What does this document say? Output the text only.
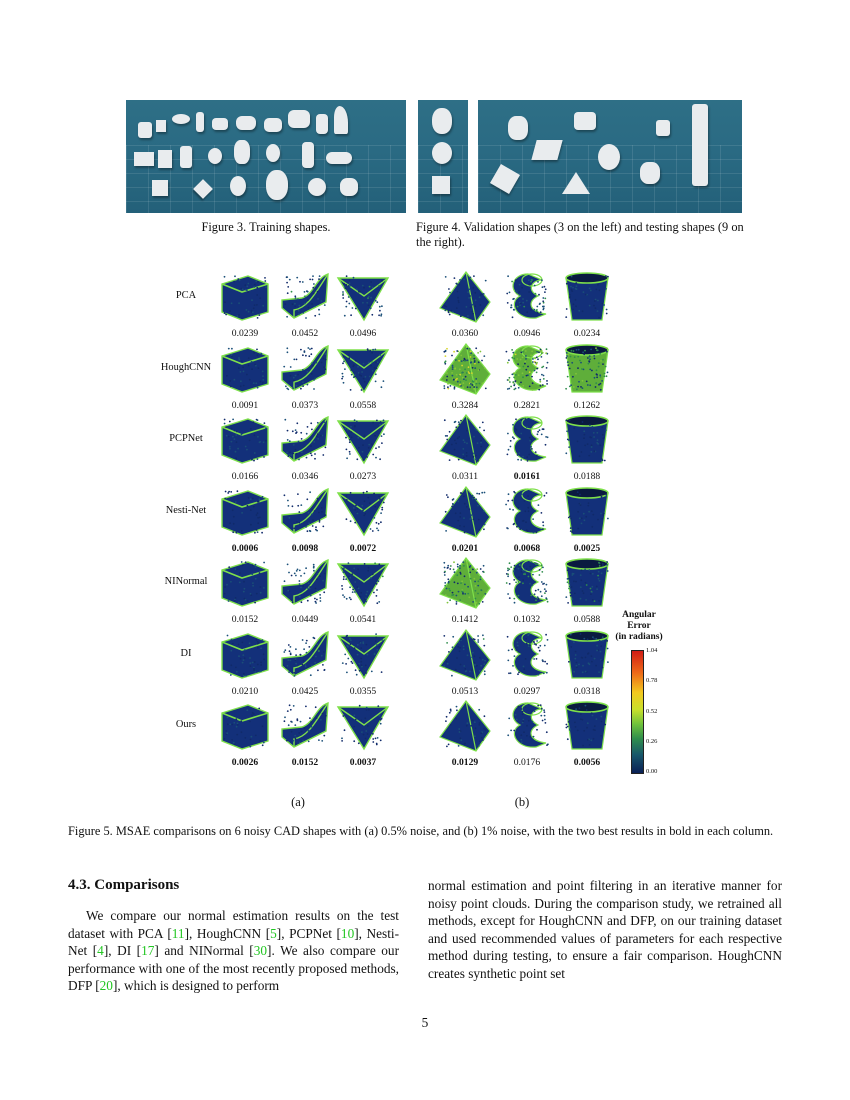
Figure 3. Training shapes.	Figure 4. Validation shapes (3 on the left) and testing shapes (9 on the right).
PCA
0.0239	0.0452	0.0496	0.0360	0.0946	0.0234
HoughCNN
0.0091	0.0373	0.0558	0.3284	0.2821	0.1262
PCPNet
0.0166	0.0346	0.0273	0.0311	0.0161	0.0188
Nesti-Net
0.0006	0.0098	0.0072	0.0201	0.0068	0.0025
NINormal
0.0152	0.0449	0.0541	0.1412	0.1032	0.0588
DI
0.0210	0.0425	0.0355	0.0513	0.0297	0.0318
Ours
0.0026	0.0152	0.0037	0.0129	0.0176	0.0056
(a)	(b)
Angular
Error
(in radians)
1.04
0.78
0.52
0.26
0.00
Figure 5. MSAE comparisons on 6 noisy CAD shapes with (a) 0.5% noise, and (b) 1% noise, with the two best results in bold in each column.
4.3. Comparisons
We compare our normal estimation results on the test dataset with PCA [11], HoughCNN [5], PCPNet [10], Nesti-Net [4], DI [17] and NINormal [30]. We also compare our performance with one of the most recently proposed methods, DFP [20], which is designed to perform
normal estimation and point filtering in an iterative manner for noisy point clouds. During the comparison study, we retrained all methods, except for HoughCNN and DFP, on our training dataset and used recommended values of parameters for each respective method during testing, to ensure a fair comparison. HoughCNN creates synthetic point set
5
